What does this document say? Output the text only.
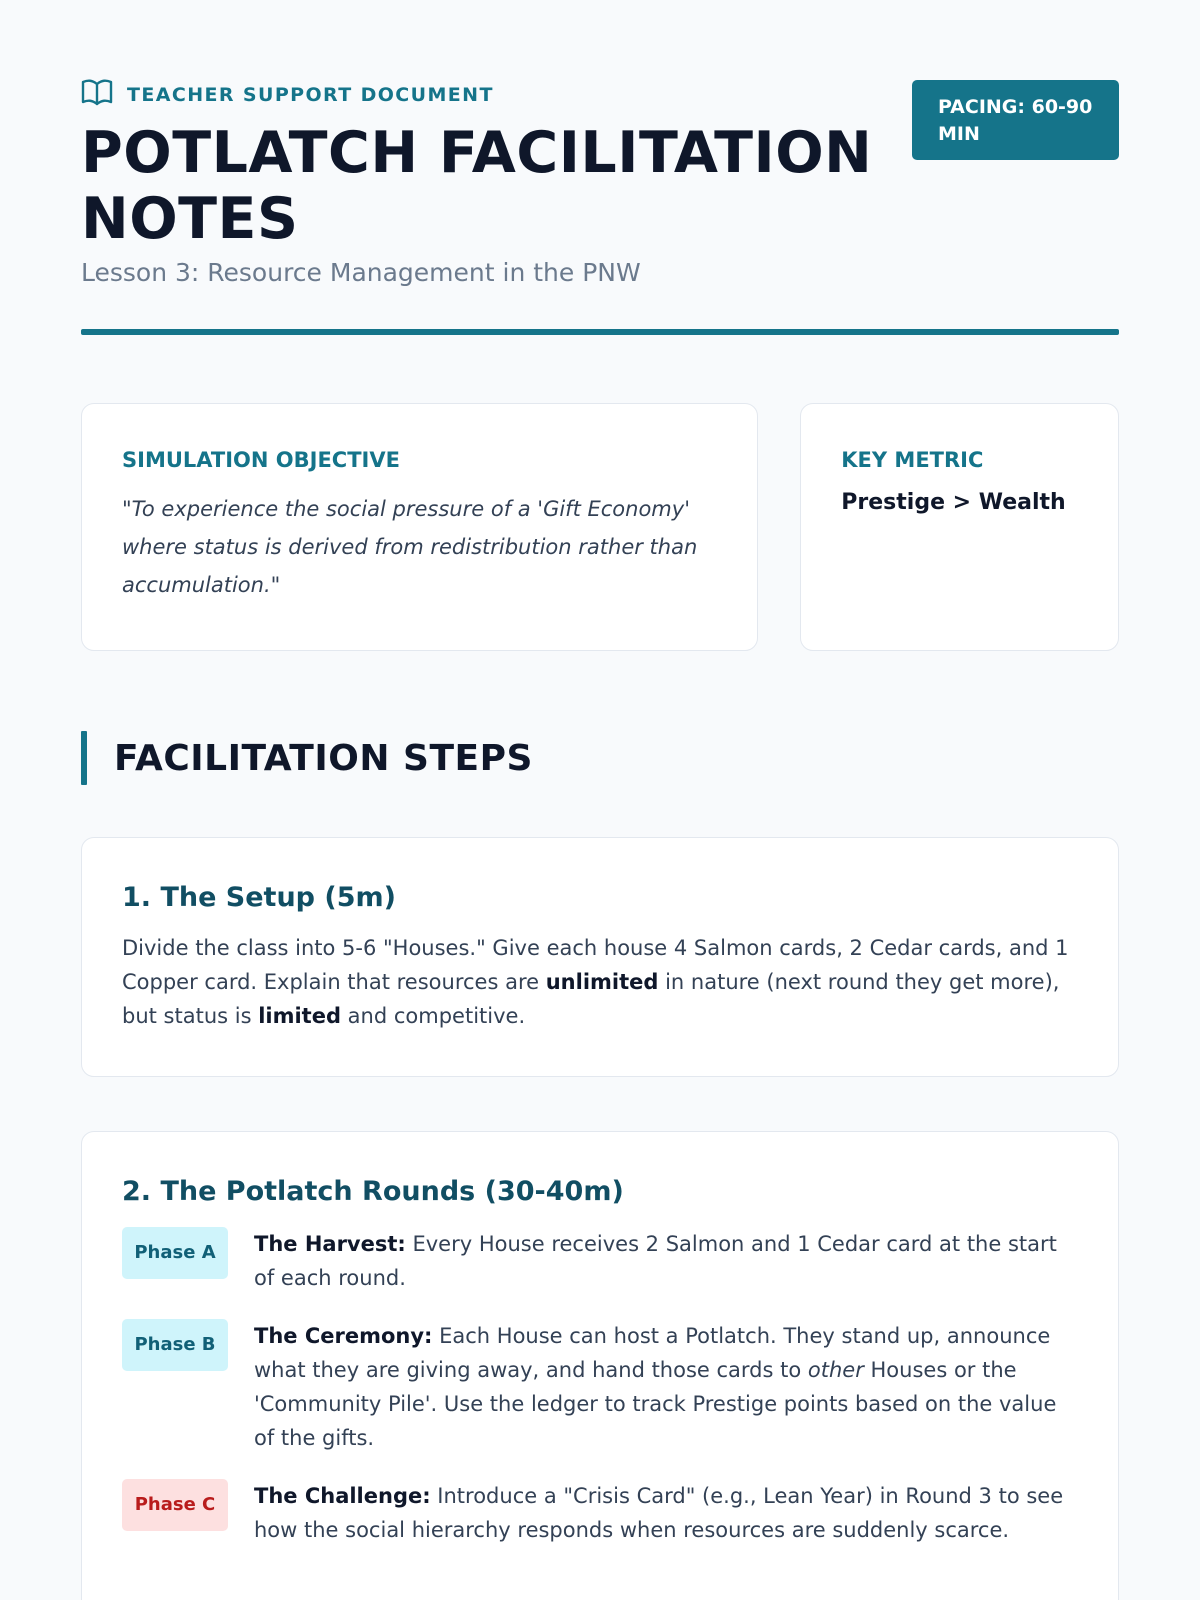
TEACHER SUPPORT DOCUMENT
PACING: 60-90 MIN
POTLATCH FACILITATION NOTES
Lesson 3: Resource Management in the PNW
SIMULATION OBJECTIVE
"To experience the social pressure of a 'Gift Economy' where status is derived from redistribution rather than accumulation."
KEY METRIC
Prestige > Wealth
FACILITATION STEPS
1. The Setup (5m)

Divide the class into 5-6 "Houses." Give each house 4 Salmon cards, 2 Cedar cards, and 1 Copper card. Explain that resources are unlimited in nature (next round they get more), but status is limited and competitive.

2. The Potlatch Rounds (30-40m)
Phase A	The Harvest: Every House receives 2 Salmon and 1 Cedar card at the start of each round.

Phase B	The Ceremony: Each House can host a Potlatch. They stand up, announce what they are giving away, and hand those cards to other Houses or the 'Community Pile'. Use the ledger to track Prestige points based on the value of the gifts.

Phase C	The Challenge: Introduce a "Crisis Card" (e.g., Lean Year) in Round 3 to see how the social hierarchy responds when resources are suddenly scarce.
